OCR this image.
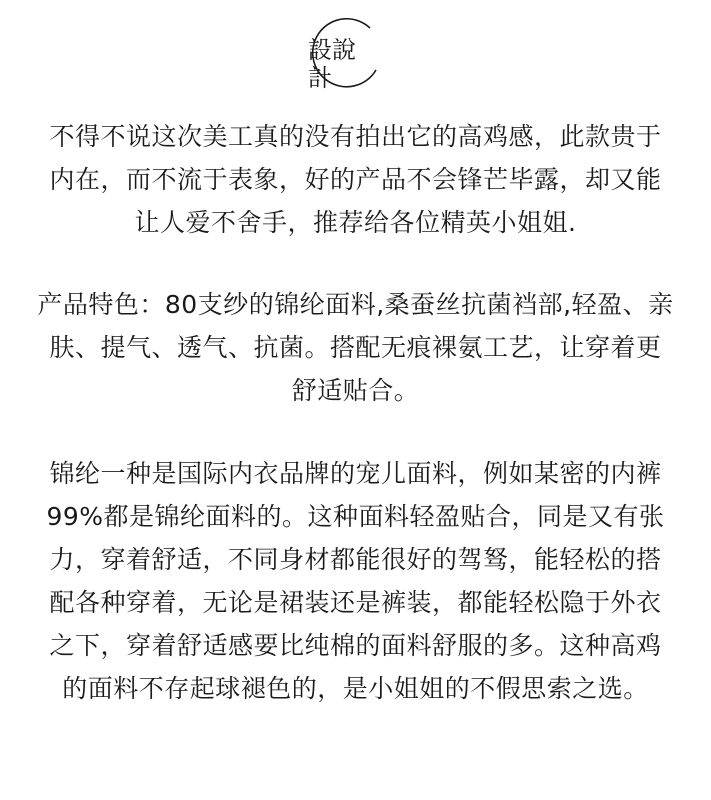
設 說
計

不得不说这次美工真的没有拍出它的高鸡感，此款贵于
内在，而不流于表象，好的产品不会锋芒毕露，却又能
让人爱不舍手，推荐给各位精英小姐姐.

产品特色：80支纱的锦纶面料,桑蚕丝抗菌裆部,轻盈、亲
肤、提气、透气、抗菌。搭配无痕裸氨工艺，让穿着更
舒适贴合。

锦纶一种是国际内衣品牌的宠儿面料，例如某密的内裤
99%都是锦纶面料的。这种面料轻盈贴合，同是又有张
力，穿着舒适，不同身材都能很好的驾驽，能轻松的搭
配各种穿着，无论是裙装还是裤装，都能轻松隐于外衣
之下，穿着舒适感要比纯棉的面料舒服的多。这种高鸡
的面料不存起球褪色的，是小姐姐的不假思索之选。
